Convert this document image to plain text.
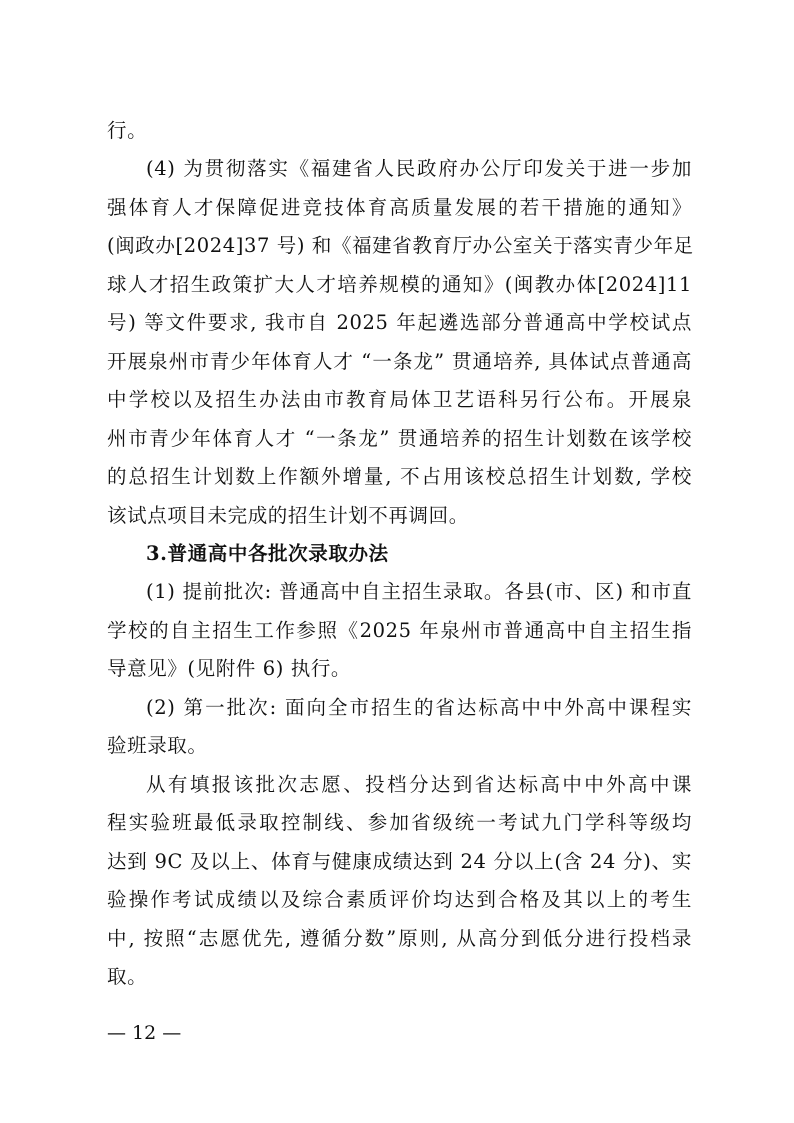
行。
(4) 为贯彻落实《福建省人民政府办公厅印发关于进一步加
强体育人才保障促进竞技体育高质量发展的若干措施的通知》
(闽政办[2024]37 号) 和《福建省教育厅办公室关于落实青少年足
球人才招生政策扩大人才培养规模的通知》(闽教办体[2024]11
号) 等文件要求, 我市自 2025 年起遴选部分普通高中学校试点
开展泉州市青少年体育人才 “一条龙” 贯通培养, 具体试点普通高
中学校以及招生办法由市教育局体卫艺语科另行公布。开展泉
州市青少年体育人才 “一条龙” 贯通培养的招生计划数在该学校
的总招生计划数上作额外增量, 不占用该校总招生计划数, 学校
该试点项目未完成的招生计划不再调回。
3.普通高中各批次录取办法
(1) 提前批次: 普通高中自主招生录取。各县(市、区) 和市直
学校的自主招生工作参照《2025 年泉州市普通高中自主招生指
导意见》(见附件 6) 执行。
(2) 第一批次: 面向全市招生的省达标高中中外高中课程实
验班录取。
从有填报该批次志愿、投档分达到省达标高中中外高中课
程实验班最低录取控制线、参加省级统一考试九门学科等级均
达到 9C 及以上、体育与健康成绩达到 24 分以上(含 24 分)、实
验操作考试成绩以及综合素质评价均达到合格及其以上的考生
中, 按照“志愿优先, 遵循分数”原则, 从高分到低分进行投档录
取。
— 12 —
